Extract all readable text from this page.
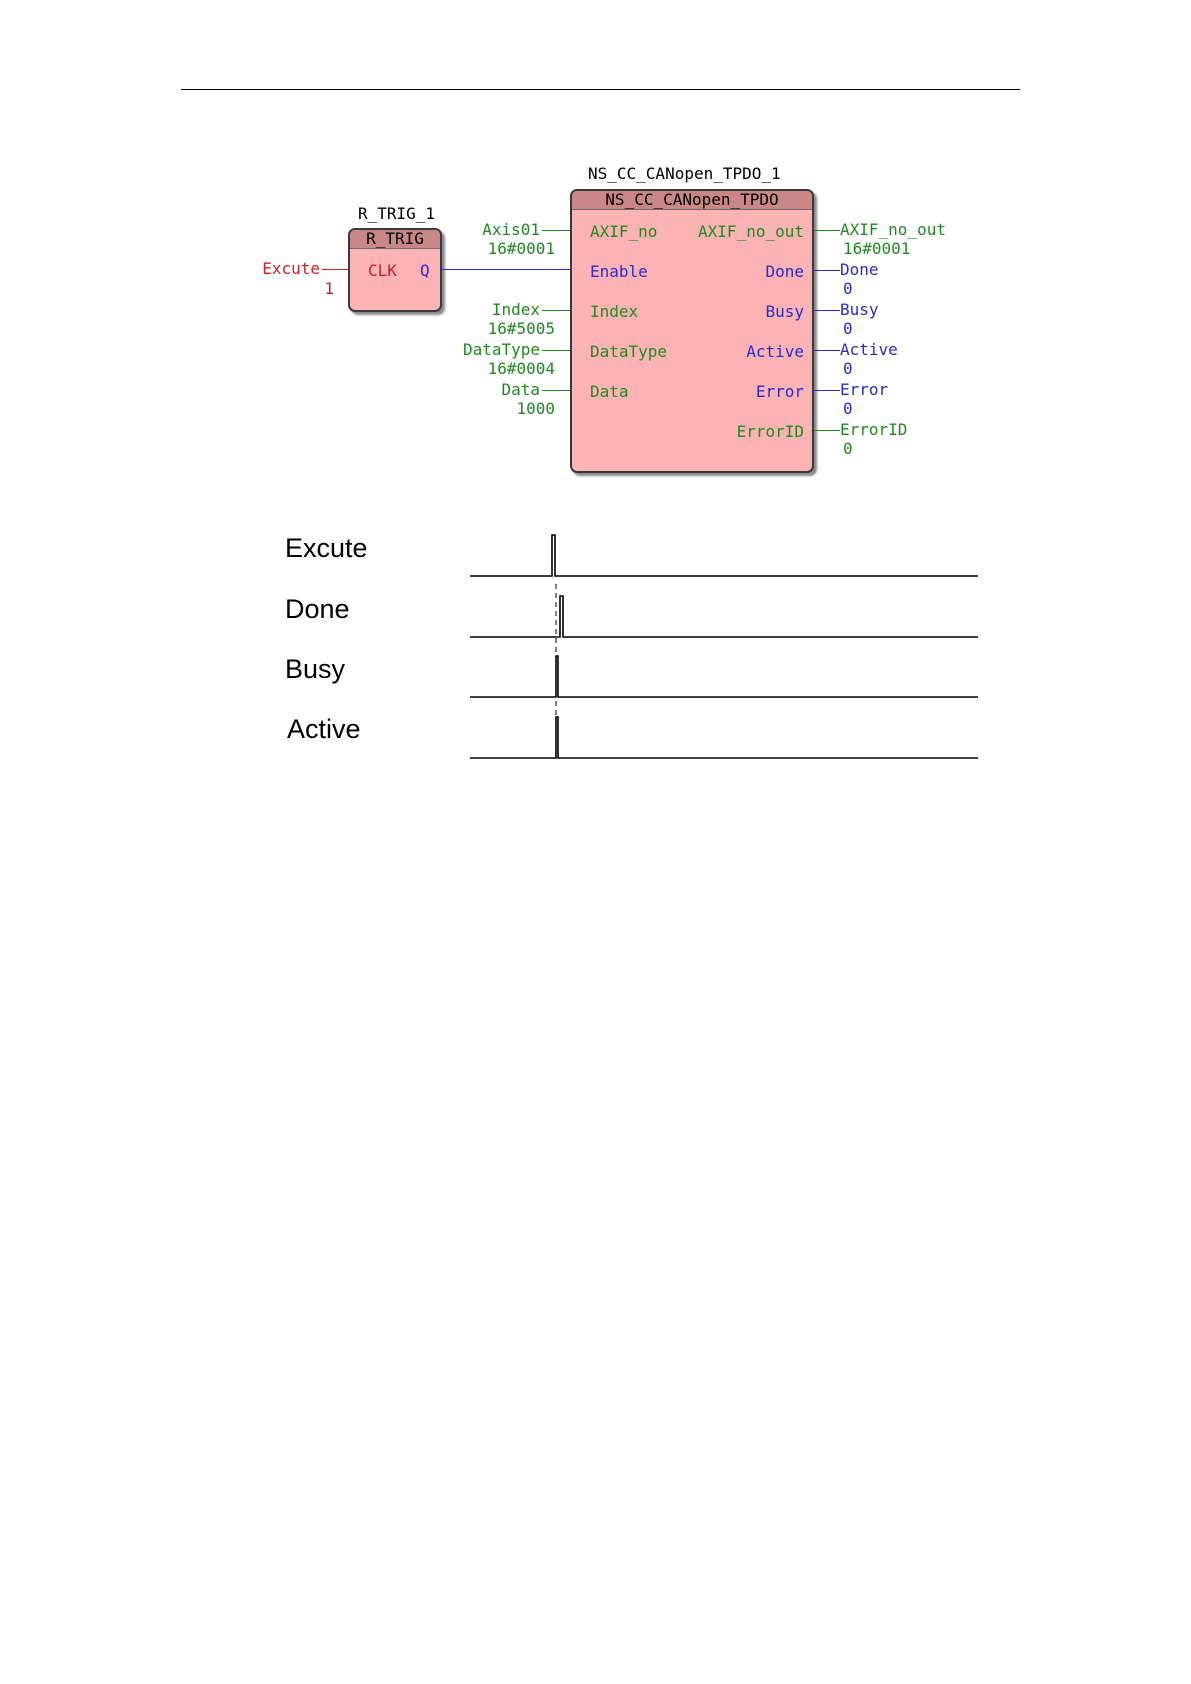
R_TRIG_1
R_TRIG
CLK Q
Excute
1
NS_CC_CANopen_TPDO_1
NS_CC_CANopen_TPDO
AXIF_no
Enable
Index
DataType
Data
AXIF_no_out
Done
Busy
Active
Error
ErrorID
Axis01
16#0001
Index
16#5005
DataType
16#0004
Data
1000
AXIF_no_out
16#0001
Done
0
Busy
0
Active
0
Error
0
ErrorID
0
Excute
Done
Busy
Active
